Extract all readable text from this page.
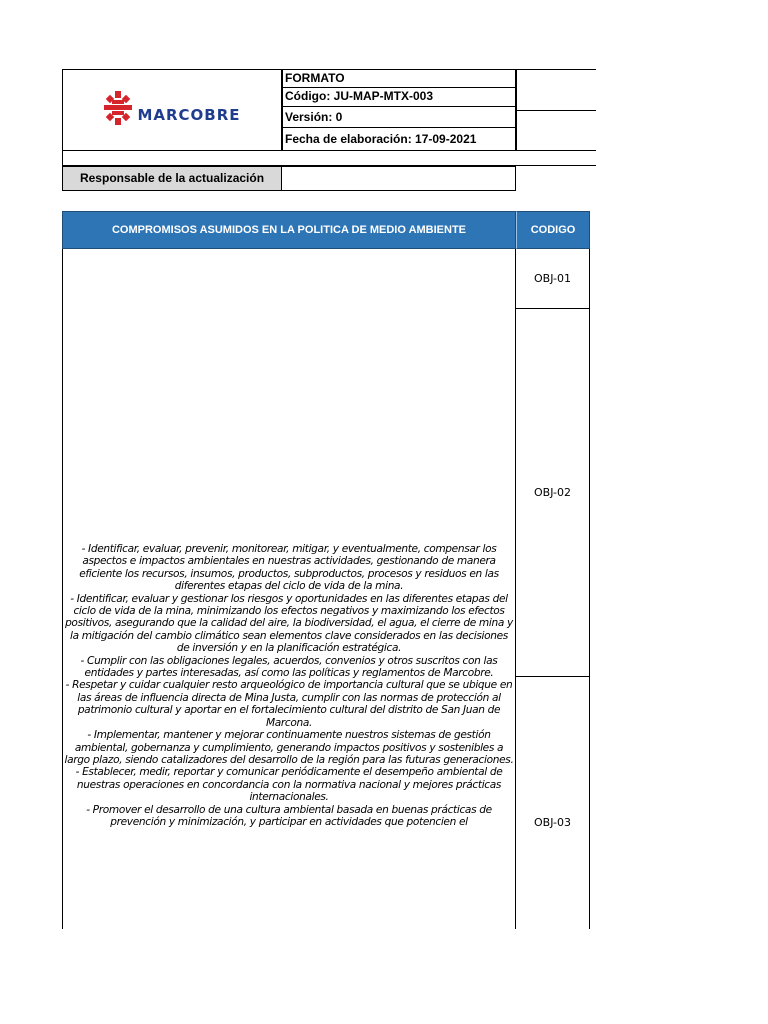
MARCOBRE
FORMATO
Código: JU-MAP-MTX-003
Versión: 0
Fecha de elaboración: 17-09-2021
Responsable de la actualización
COMPROMISOS ASUMIDOS EN LA POLITICA DE MEDIO AMBIENTE	CODIGO

- Identificar, evaluar, prevenir, monitorear, mitigar, y eventualmente, compensar los aspectos e impactos ambientales en nuestras actividades, gestionando de manera eficiente los recursos, insumos, productos, subproductos, procesos y residuos en las diferentes etapas del ciclo de vida de la mina.

- Identificar, evaluar y gestionar los riesgos y oportunidades en las diferentes etapas del ciclo de vida de la mina, minimizando los efectos negativos y maximizando los efectos positivos, asegurando que la calidad del aire, la biodiversidad, el agua, el cierre de mina y la mitigación del cambio climático sean elementos clave considerados en las decisiones de inversión y en la planificación estratégica.

- Cumplir con las obligaciones legales, acuerdos, convenios y otros suscritos con las entidades y partes interesadas, así como las políticas y reglamentos de Marcobre.

- Respetar y cuidar cualquier resto arqueológico de importancia cultural que se ubique en las áreas de influencia directa de Mina Justa, cumplir con las normas de protección al patrimonio cultural y aportar en el fortalecimiento cultural del distrito de San Juan de Marcona.

- Implementar, mantener y mejorar continuamente nuestros sistemas de gestión ambiental, gobernanza y cumplimiento, generando impactos positivos y sostenibles a largo plazo, siendo catalizadores del desarrollo de la región para las futuras generaciones.

- Establecer, medir, reportar y comunicar periódicamente el desempeño ambiental de nuestras operaciones en concordancia con la normativa nacional y mejores prácticas internacionales.

- Promover el desarrollo de una cultura ambiental basada en buenas prácticas de prevención y minimización, y participar en actividades que potencien el

OBJ-01
OBJ-02
OBJ-03
